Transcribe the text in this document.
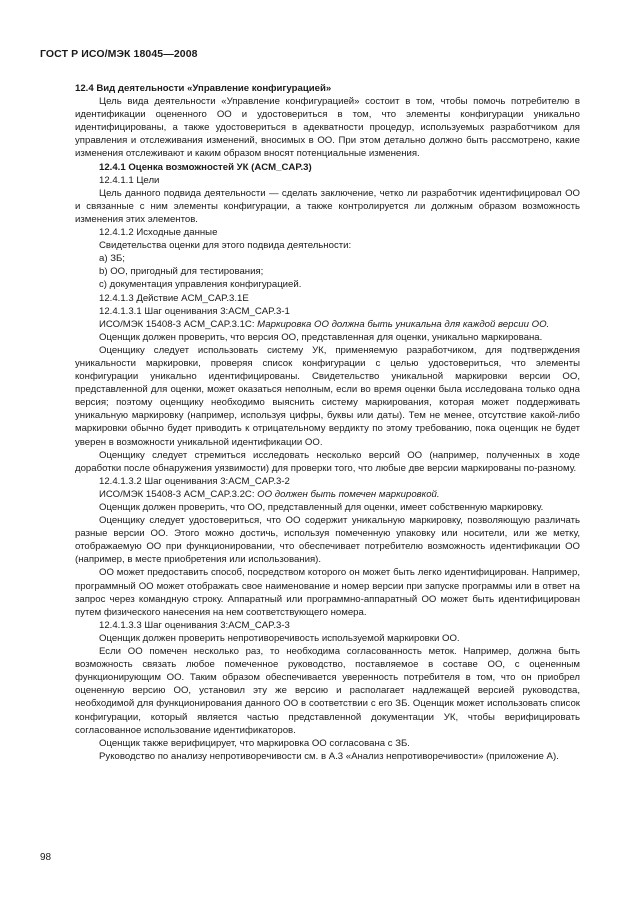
ГОСТ Р ИСО/МЭК 18045—2008

12.4 Вид деятельности «Управление конфигурацией»

Цель вида деятельности «Управление конфигурацией» состоит в том, чтобы помочь потребителю в идентификации оцененного ОО и удостовериться в том, что элементы конфигурации уникально идентифицированы, а также удостовериться в адекватности процедур, используемых разработчиком для управления и отслеживания изменений, вносимых в ОО. При этом детально должно быть рассмотрено, какие изменения отслеживают и каким образом вносят потенциальные изменения.

12.4.1 Оценка возможностей УК (ACM_CAP.3)

12.4.1.1 Цели

Цель данного подвида деятельности — сделать заключение, четко ли разработчик идентифицировал ОО и связанные с ним элементы конфигурации, а также контролируется ли должным образом возможность изменения этих элементов.

12.4.1.2 Исходные данные

Свидетельства оценки для этого подвида деятельности:

а) ЗБ;

b) ОО, пригодный для тестирования;

c) документация управления конфигурацией.

12.4.1.3 Действие ACM_CAP.3.1E

12.4.1.3.1 Шаг оценивания 3:ACM_CAP.3-1

ИСО/МЭК 15408-3 ACM_CAP.3.1C: Маркировка ОО должна быть уникальна для каждой версии ОО.

Оценщик должен проверить, что версия ОО, представленная для оценки, уникально маркирована.

Оценщику следует использовать систему УК, применяемую разработчиком, для подтверждения уникальности маркировки, проверяя список конфигурации с целью удостовериться, что элементы конфигурации уникально идентифицированы. Свидетельство уникальной маркировки версии ОО, представленной для оценки, может оказаться неполным, если во время оценки была исследована только одна версия; поэтому оценщику необходимо выяснить систему маркирования, которая может поддерживать уникальную маркировку (например, используя цифры, буквы или даты). Тем не менее, отсутствие какой-либо маркировки обычно будет приводить к отрицательному вердикту по этому требованию, пока оценщик не будет уверен в возможности уникальной идентификации ОО.

Оценщику следует стремиться исследовать несколько версий ОО (например, полученных в ходе доработки после обнаружения уязвимости) для проверки того, что любые две версии маркированы по-разному.

12.4.1.3.2 Шаг оценивания 3:ACM_CAP.3-2

ИСО/МЭК 15408-3 ACM_CAP.3.2C: ОО должен быть помечен маркировкой.

Оценщик должен проверить, что ОО, представленный для оценки, имеет собственную маркировку.

Оценщику следует удостовериться, что ОО содержит уникальную маркировку, позволяющую различать разные версии ОО. Этого можно достичь, используя помеченную упаковку или носители, или же метку, отображаемую ОО при функционировании, что обеспечивает потребителю возможность идентификации ОО (например, в месте приобретения или использования).

ОО может предоставить способ, посредством которого он может быть легко идентифицирован. Например, программный ОО может отображать свое наименование и номер версии при запуске программы или в ответ на запрос через командную строку. Аппаратный или программно-аппаратный ОО может быть идентифицирован путем физического нанесения на нем соответствующего номера.

12.4.1.3.3 Шаг оценивания 3:ACM_CAP.3-3

Оценщик должен проверить непротиворечивость используемой маркировки ОО.

Если ОО помечен несколько раз, то необходима согласованность меток. Например, должна быть возможность связать любое помеченное руководство, поставляемое в составе ОО, с оцененным функционирующим ОО. Таким образом обеспечивается уверенность потребителя в том, что он приобрел оцененную версию ОО, установил эту же версию и располагает надлежащей версией руководства, необходимой для функционирования данного ОО в соответствии с его ЗБ. Оценщик может использовать список конфигурации, который является частью представленной документации УК, чтобы верифицировать согласованное использование идентификаторов.

Оценщик также верифицирует, что маркировка ОО согласована с ЗБ.

Руководство по анализу непротиворечивости см. в А.3 «Анализ непротиворечивости» (приложение А).

98
